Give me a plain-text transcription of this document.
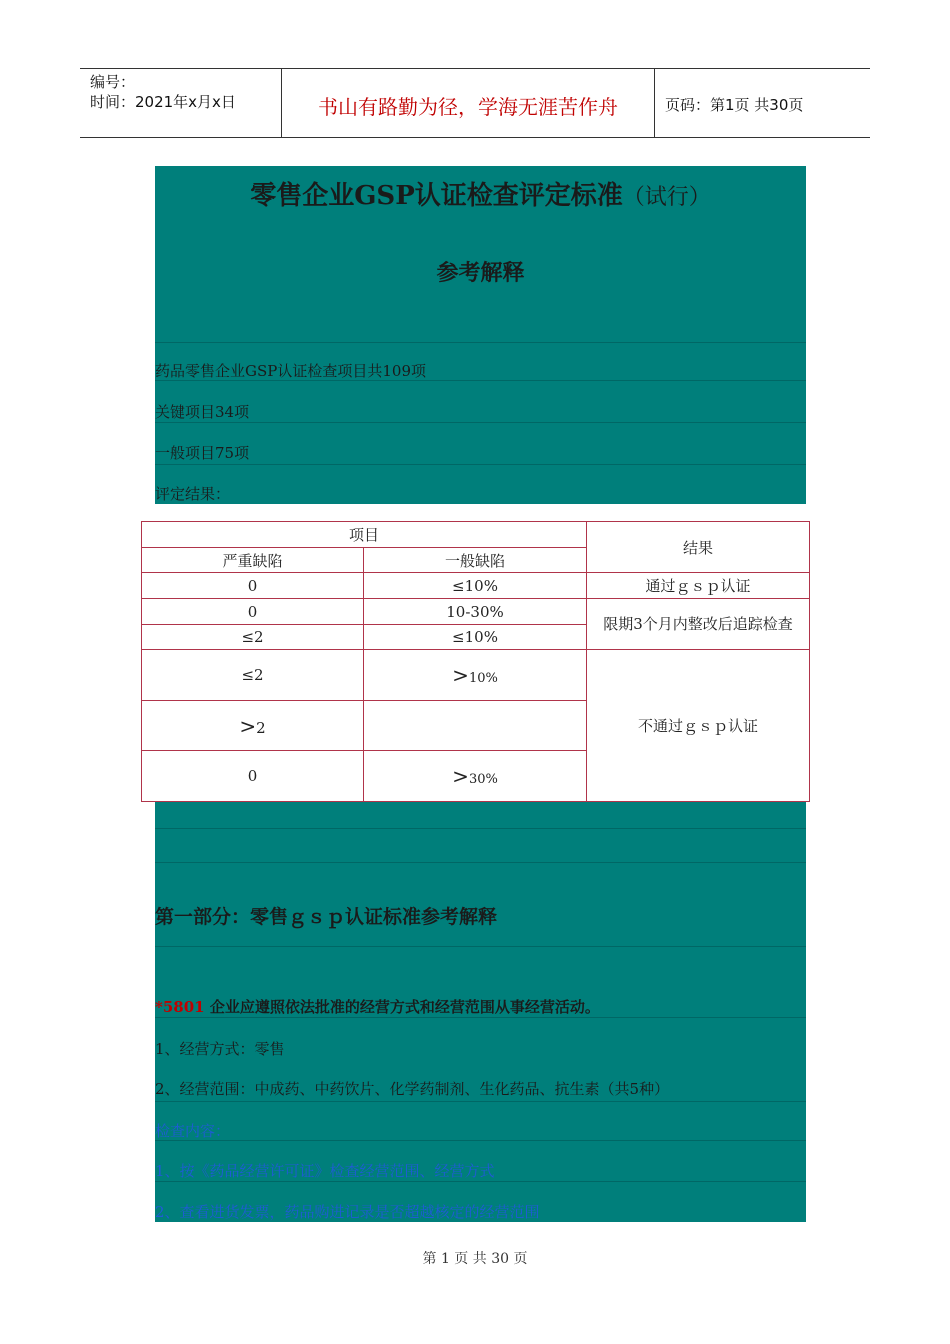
编号：
时间：2021年x月x日	书山有路勤为径，学海无涯苦作舟	页码：第1页 共30页
零售企业GSP认证检查评定标准（试行）
参考解释
药品零售企业GSP认证检查项目共109项
关键项目34项
一般项目75项
评定结果：
项目		结果
严重缺陷	一般缺陷	
0	≤10%	通过ｇｓｐ认证
0	10-30%	限期3个月内整改后追踪检查
≤2	≤10%	
≤2	>10%	不通过ｇｓｐ认证
>2		
0	>30%	
第一部分：零售ｇｓｐ认证标准参考解释
*5801 企业应遵照依法批准的经营方式和经营范围从事经营活动。
1、经营方式：零售
2、经营范围：中成药、中药饮片、化学药制剂、生化药品、抗生素（共5种）
检查内容：
1、按《药品经营许可证》检查经营范围、经营方式
2、查看进货发票，药品购进记录是否超越核定的经营范围
第 1 页 共 30 页
